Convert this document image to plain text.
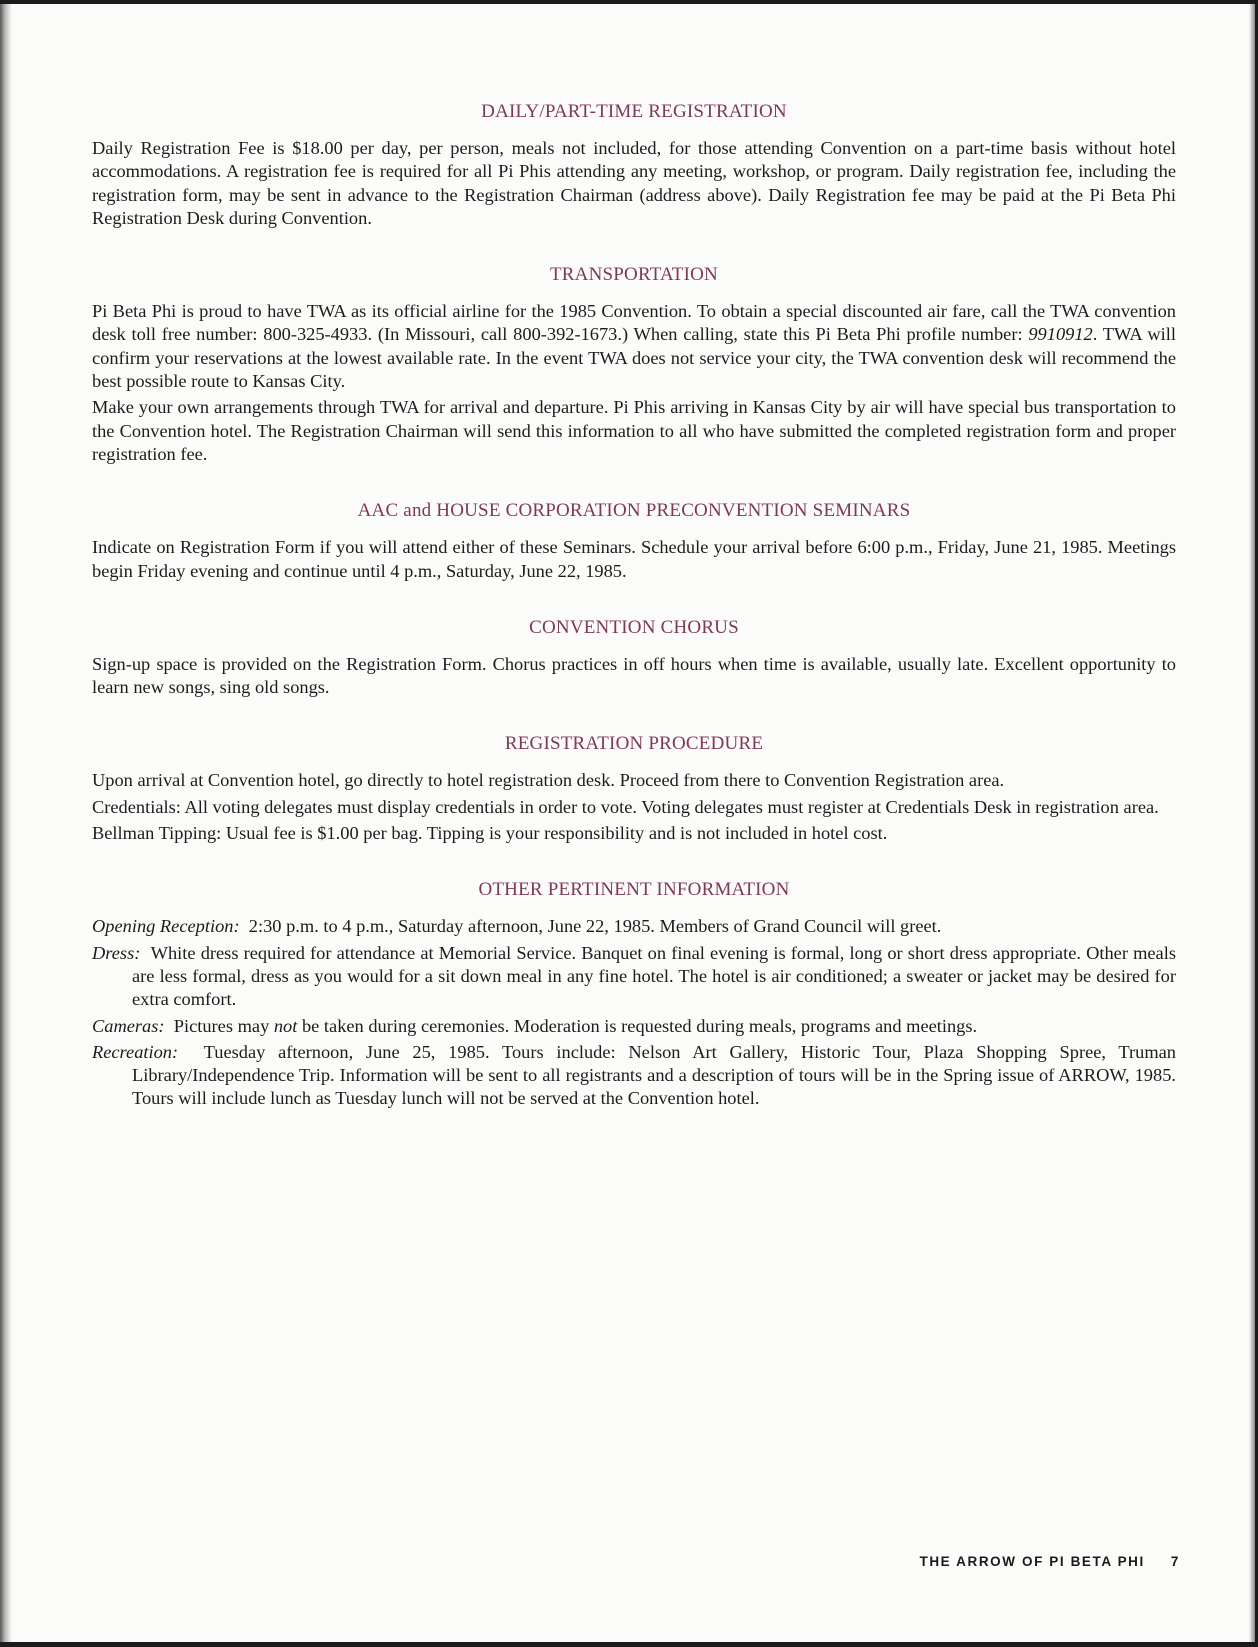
DAILY/PART-TIME REGISTRATION

Daily Registration Fee is $18.00 per day, per person, meals not included, for those attending Convention on a part-time basis without hotel accommodations. A registration fee is required for all Pi Phis attending any meeting, workshop, or program. Daily registration fee, including the registration form, may be sent in advance to the Registration Chairman (address above). Daily Registration fee may be paid at the Pi Beta Phi Registration Desk during Convention.

TRANSPORTATION

Pi Beta Phi is proud to have TWA as its official airline for the 1985 Convention. To obtain a special discounted air fare, call the TWA convention desk toll free number: 800-325-4933. (In Missouri, call 800-392-1673.) When calling, state this Pi Beta Phi profile number: 9910912. TWA will confirm your reservations at the lowest available rate. In the event TWA does not service your city, the TWA convention desk will recommend the best possible route to Kansas City.

Make your own arrangements through TWA for arrival and departure. Pi Phis arriving in Kansas City by air will have special bus transportation to the Convention hotel. The Registration Chairman will send this information to all who have submitted the completed registration form and proper registration fee.

AAC and HOUSE CORPORATION PRECONVENTION SEMINARS

Indicate on Registration Form if you will attend either of these Seminars. Schedule your arrival before 6:00 p.m., Friday, June 21, 1985. Meetings begin Friday evening and continue until 4 p.m., Saturday, June 22, 1985.

CONVENTION CHORUS

Sign-up space is provided on the Registration Form. Chorus practices in off hours when time is available, usually late. Excellent opportunity to learn new songs, sing old songs.

REGISTRATION PROCEDURE

Upon arrival at Convention hotel, go directly to hotel registration desk. Proceed from there to Convention Registration area.

Credentials: All voting delegates must display credentials in order to vote. Voting delegates must register at Credentials Desk in registration area.

Bellman Tipping: Usual fee is $1.00 per bag. Tipping is your responsibility and is not included in hotel cost.

OTHER PERTINENT INFORMATION

Opening Reception: 2:30 p.m. to 4 p.m., Saturday afternoon, June 22, 1985. Members of Grand Council will greet.

Dress: White dress required for attendance at Memorial Service. Banquet on final evening is formal, long or short dress appropriate. Other meals are less formal, dress as you would for a sit down meal in any fine hotel. The hotel is air conditioned; a sweater or jacket may be desired for extra comfort.

Cameras: Pictures may not be taken during ceremonies. Moderation is requested during meals, programs and meetings.

Recreation: Tuesday afternoon, June 25, 1985. Tours include: Nelson Art Gallery, Historic Tour, Plaza Shopping Spree, Truman Library/Independence Trip. Information will be sent to all registrants and a description of tours will be in the Spring issue of ARROW, 1985. Tours will include lunch as Tuesday lunch will not be served at the Convention hotel.

THE ARROW OF PI BETA PHI 7
